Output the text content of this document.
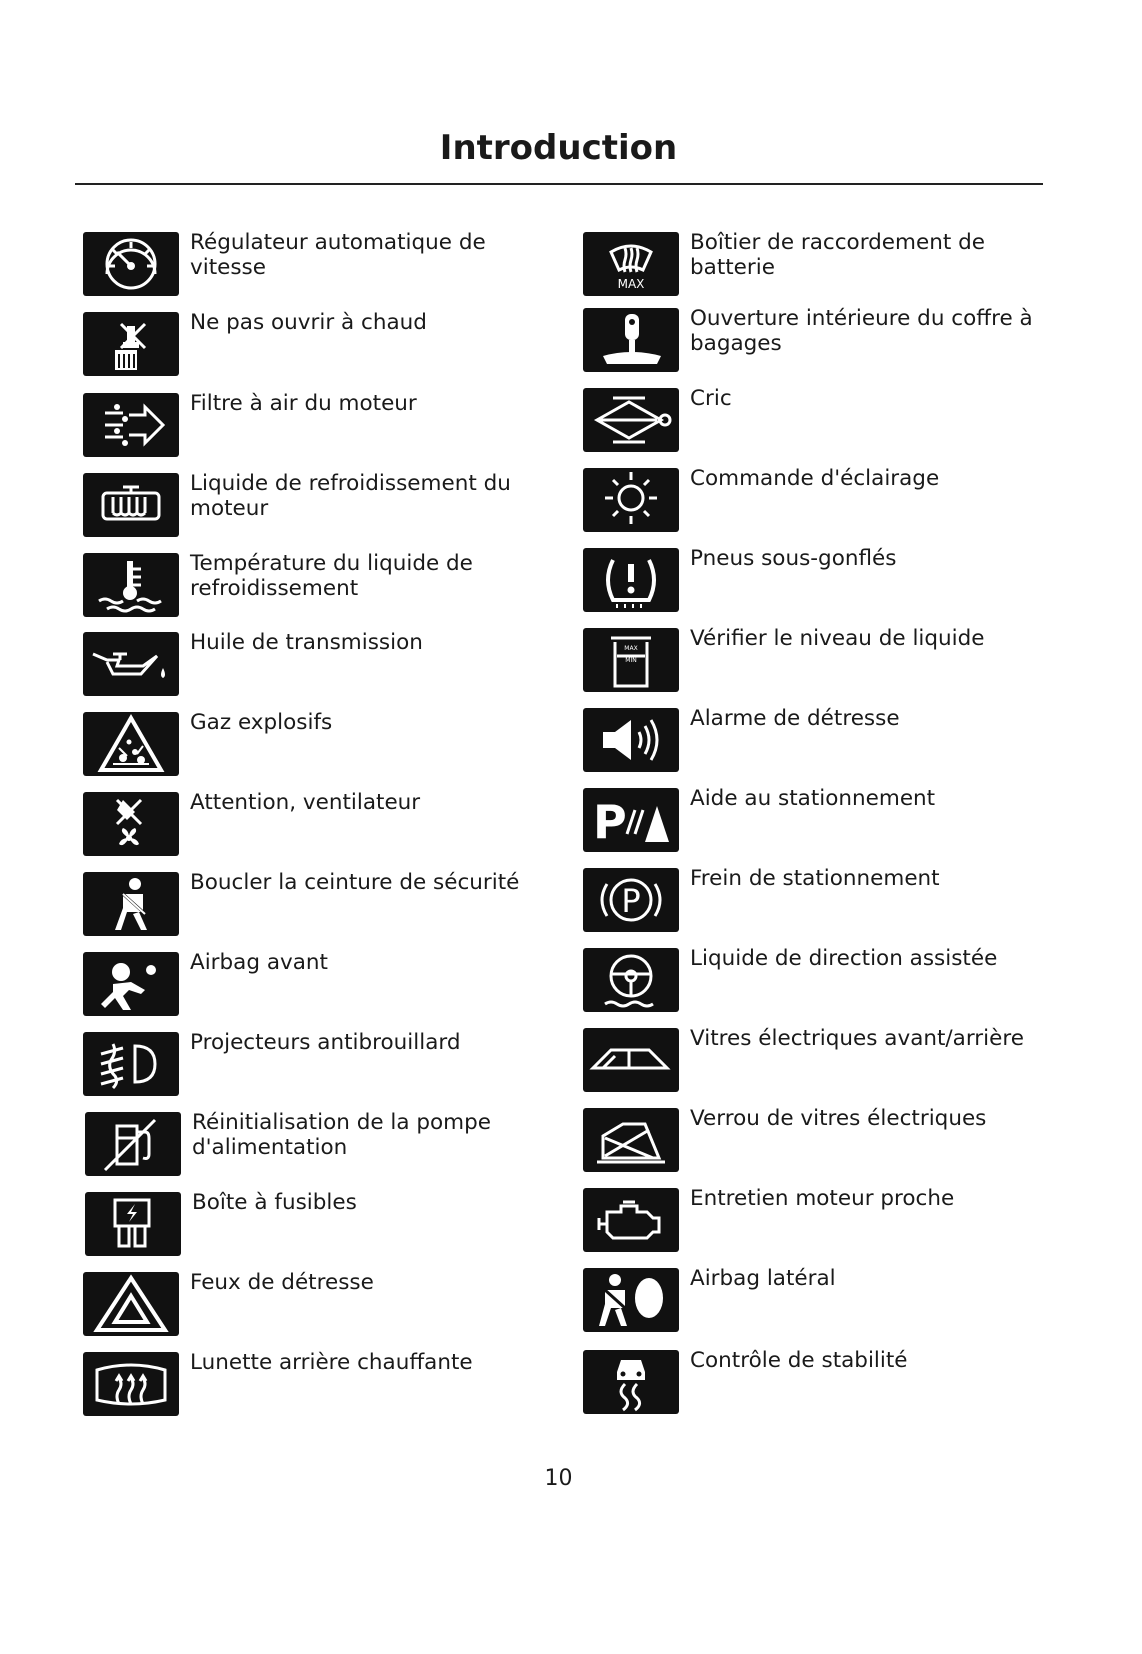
Introduction
Régulateur automatique de vitesse
Ne pas ouvrir à chaud
Filtre à air du moteur
Liquide de refroidissement du moteur
Température du liquide de refroidissement
Huile de transmission
Gaz explosifs
Attention, ventilateur
Boucler la ceinture de sécurité
Airbag avant
Projecteurs antibrouillard
Réinitialisation de la pompe d'alimentation
Boîte à fusibles
Feux de détresse
Lunette arrière chauffante
MAX
Boîtier de raccordement de batterie
Ouverture intérieure du coffre à bagages
Cric
Commande d'éclairage
Pneus sous-gonflés
MAX
MIN
Vérifier le niveau de liquide
Alarme de détresse
P	Aide au stationnement
P
Frein de stationnement
Liquide de direction assistée
Vitres électriques avant/arrière
Verrou de vitres électriques
Entretien moteur proche
Airbag latéral
Contrôle de stabilité
10
